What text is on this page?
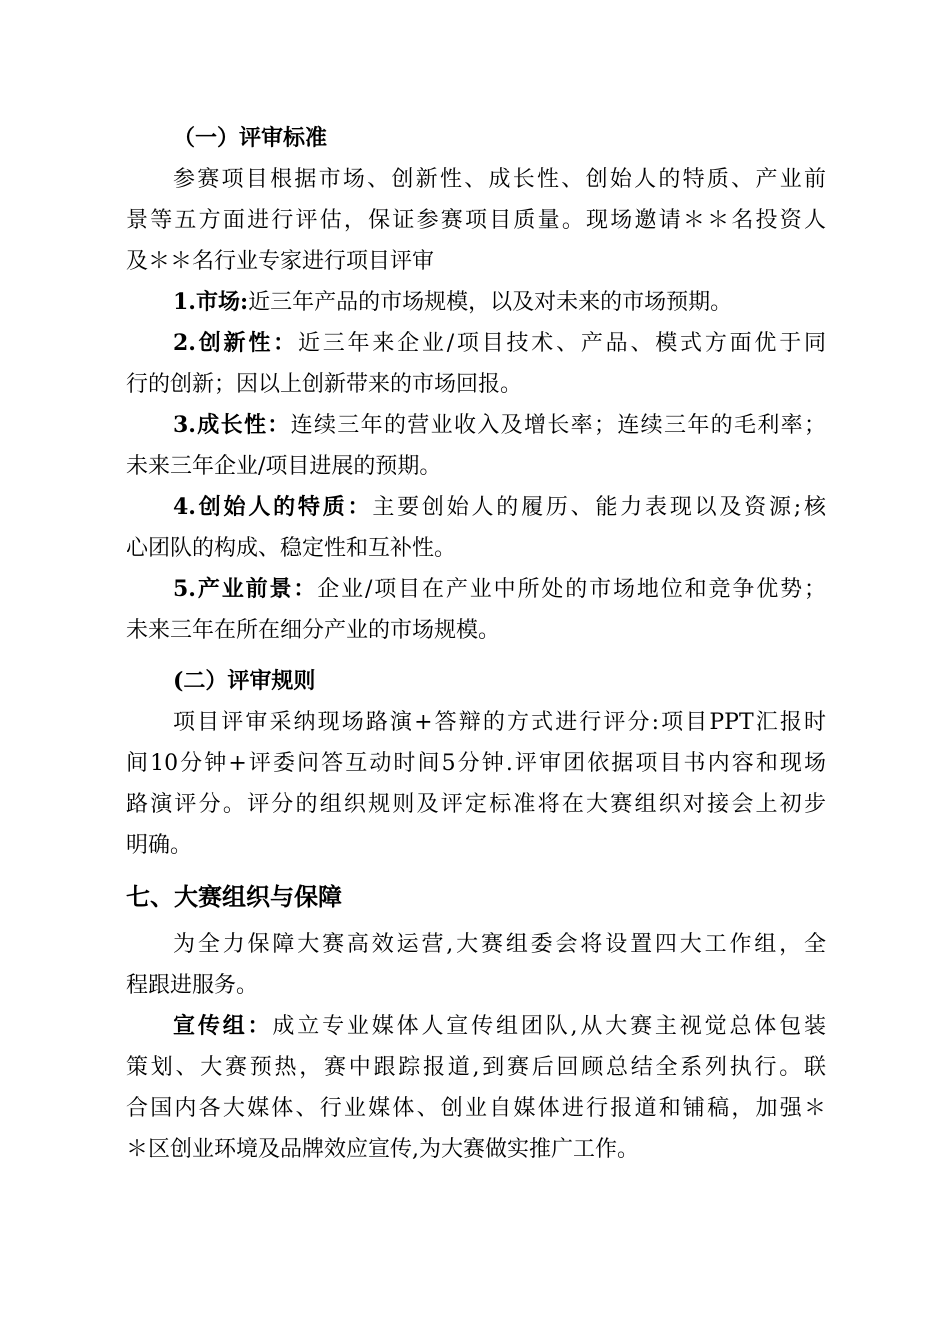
（一）评审标准
参赛项目根据市场、创新性、成长性、创始人的特质、产业前
景等五方面进行评估，保证参赛项目质量。现场邀请＊＊名投资人
及＊＊名行业专家进行项目评审
1.市场:近三年产品的市场规模，以及对未来的市场预期。
2.创新性：近三年来企业/项目技术、产品、模式方面优于同
行的创新；因以上创新带来的市场回报。
3.成长性：连续三年的营业收入及增长率；连续三年的毛利率；
未来三年企业/项目进展的预期。
4.创始人的特质：主要创始人的履历、能力表现以及资源;核
心团队的构成、稳定性和互补性。
5.产业前景：企业/项目在产业中所处的市场地位和竞争优势；
未来三年在所在细分产业的市场规模。
(二）评审规则
项目评审采纳现场路演+答辩的方式进行评分:项目PPT汇报时
间10分钟+评委问答互动时间5分钟.评审团依据项目书内容和现场
路演评分。评分的组织规则及评定标准将在大赛组织对接会上初步
明确。
七、大赛组织与保障
为全力保障大赛高效运营,大赛组委会将设置四大工作组，全
程跟进服务。
宣传组：成立专业媒体人宣传组团队,从大赛主视觉总体包装
策划、大赛预热，赛中跟踪报道,到赛后回顾总结全系列执行。联
合国内各大媒体、行业媒体、创业自媒体进行报道和铺稿，加强＊
＊区创业环境及品牌效应宣传,为大赛做实推广工作。
